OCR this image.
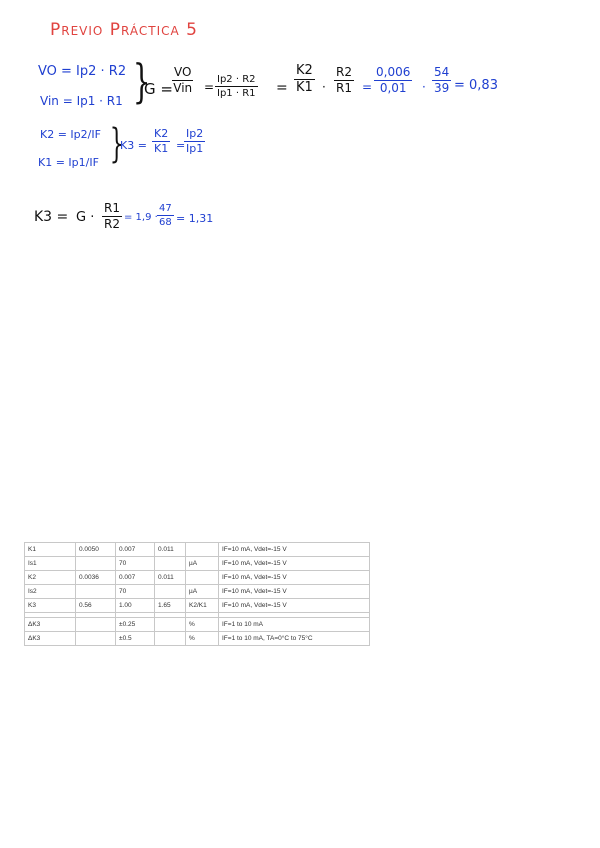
Previo Práctica 5
VO = Ip2 · R2
Vin = Ip1 · R1 }
G =
VO
Vin = $\frac{Ip2 \cdot R2}{Ip1 \cdot R1} = \frac{K2}{K1} \cdot \frac{R2}{R1} = \frac{0,006}{0,01} \cdot \frac{54}{39} = 0,83$
K2 = Ip2/IF
K1 = Ip1/IF }
$K3 = \frac{K2}{K1}$ =
$\frac{Ip2}{Ip1}$
$K3 = G \cdot \frac{R1}{R2} = 1,9 \cdot \frac{47}{68} = 1,31$
K1	0.0050	0.007	0.011		IF=10 mA, Vdet=-15 V
Is1		70		µA	IF=10 mA, Vdet=-15 V
K2	0.0036	0.007	0.011		IF=10 mA, Vdet=-15 V
Is2		70		µA	IF=10 mA, Vdet=-15 V
K3	0.56	1.00	1.65	K2/K1	IF=10 mA, Vdet=-15 V

ΔK3		±0.25		%	IF=1 to 10 mA
ΔK3		±0.5		%	IF=1 to 10 mA, TA=0°C to 75°C
